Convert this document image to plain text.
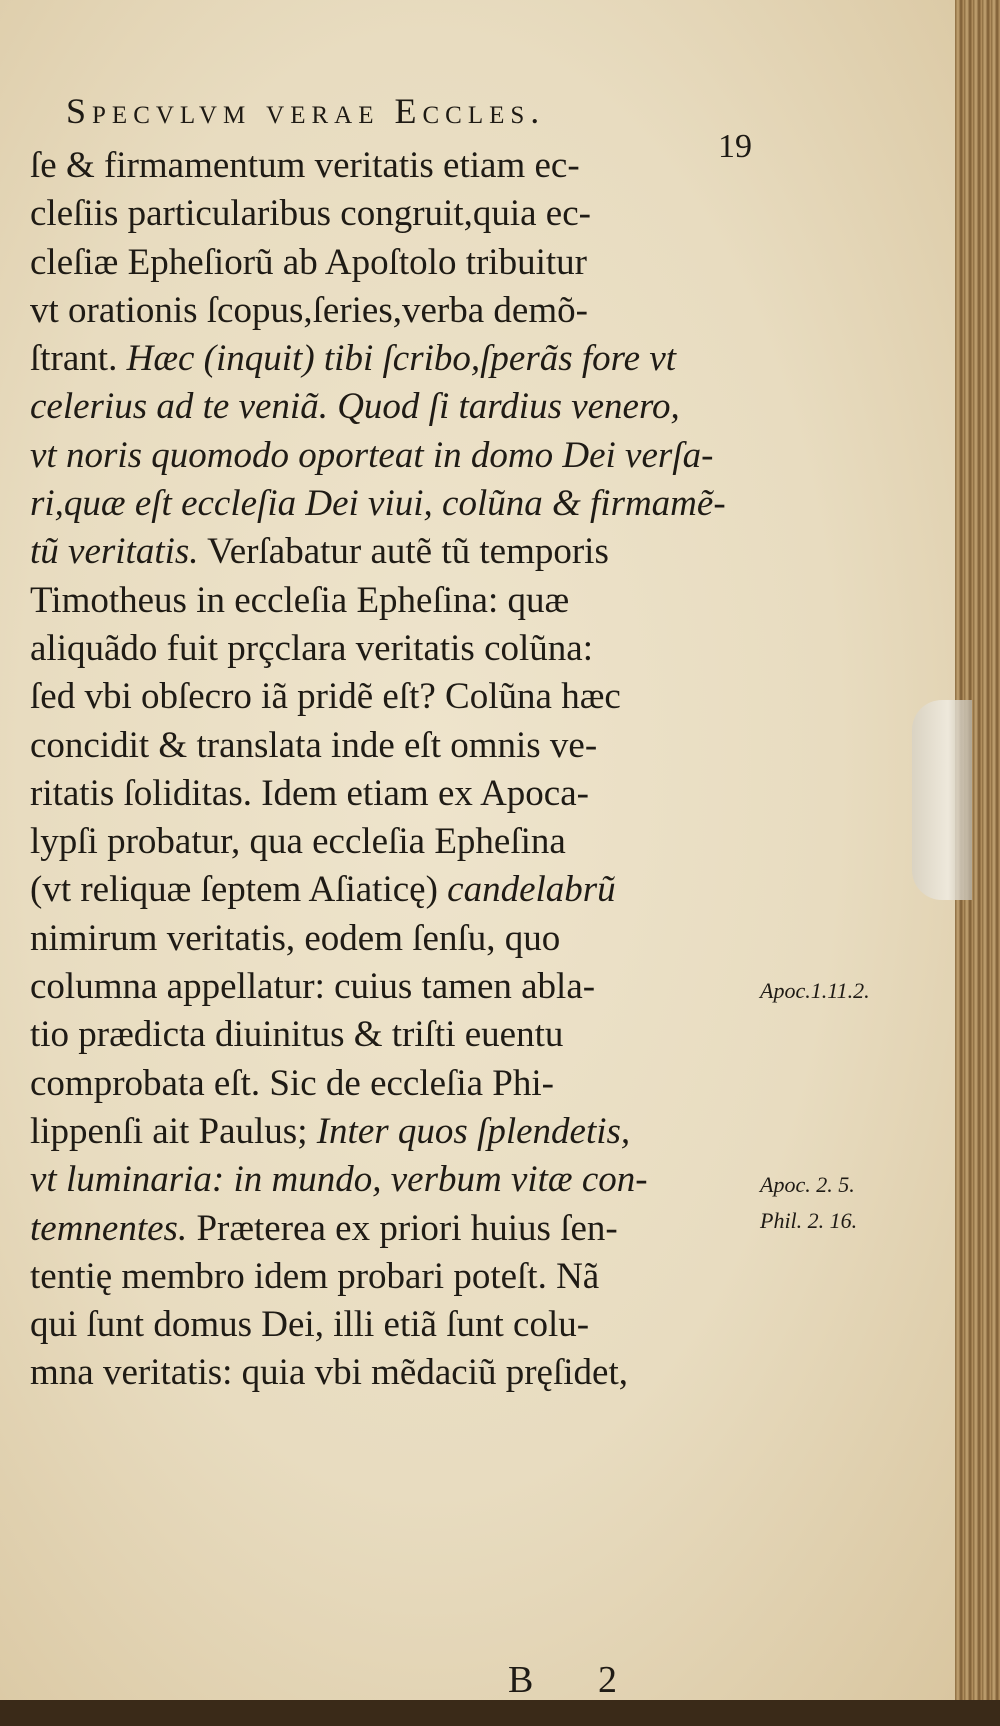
Specvlvm verae Eccles.
19
ſe & firmamentum veritatis etiam ec-
cleſiis particularibus congruit,quia ec-
cleſiæ Epheſiorũ ab Apoſtolo tribuitur
vt orationis ſcopus,ſeries,verba demõ-
ſtrant. Hæc (inquit) tibi ſcribo,ſperãs fore vt
celerius ad te veniã. Quod ſi tardius venero,
vt noris quomodo oporteat in domo Dei verſa-
ri,quæ eſt eccleſia Dei viui, colũna & firmamẽ-
tũ veritatis. Verſabatur autẽ tũ temporis
Timotheus in eccleſia Epheſina: quæ
aliquãdo fuit prçclara veritatis colũna:
ſed vbi obſecro iã pridẽ eſt? Colũna hæc
concidit & translata inde eſt omnis ve-
ritatis ſoliditas. Idem etiam ex Apoca-
lypſi probatur, qua eccleſia Epheſina
(vt reliquæ ſeptem Aſiaticę) candelabrũ
nimirum veritatis, eodem ſenſu, quo
columna appellatur: cuius tamen abla-
tio prædicta diuinitus & triſti euentu
comprobata eſt. Sic de eccleſia Phi-
lippenſi ait Paulus; Inter quos ſplendetis,
vt luminaria: in mundo, verbum vitæ con-
temnentes. Præterea ex priori huius ſen-
tentię membro idem probari poteſt. Nã
qui ſunt domus Dei, illi etiã ſunt colu-
mna veritatis: quia vbi mẽdaciũ pręſidet,
Apoc.1.11.2.
Apoc. 2. 5.
Phil. 2. 16.
B 2
